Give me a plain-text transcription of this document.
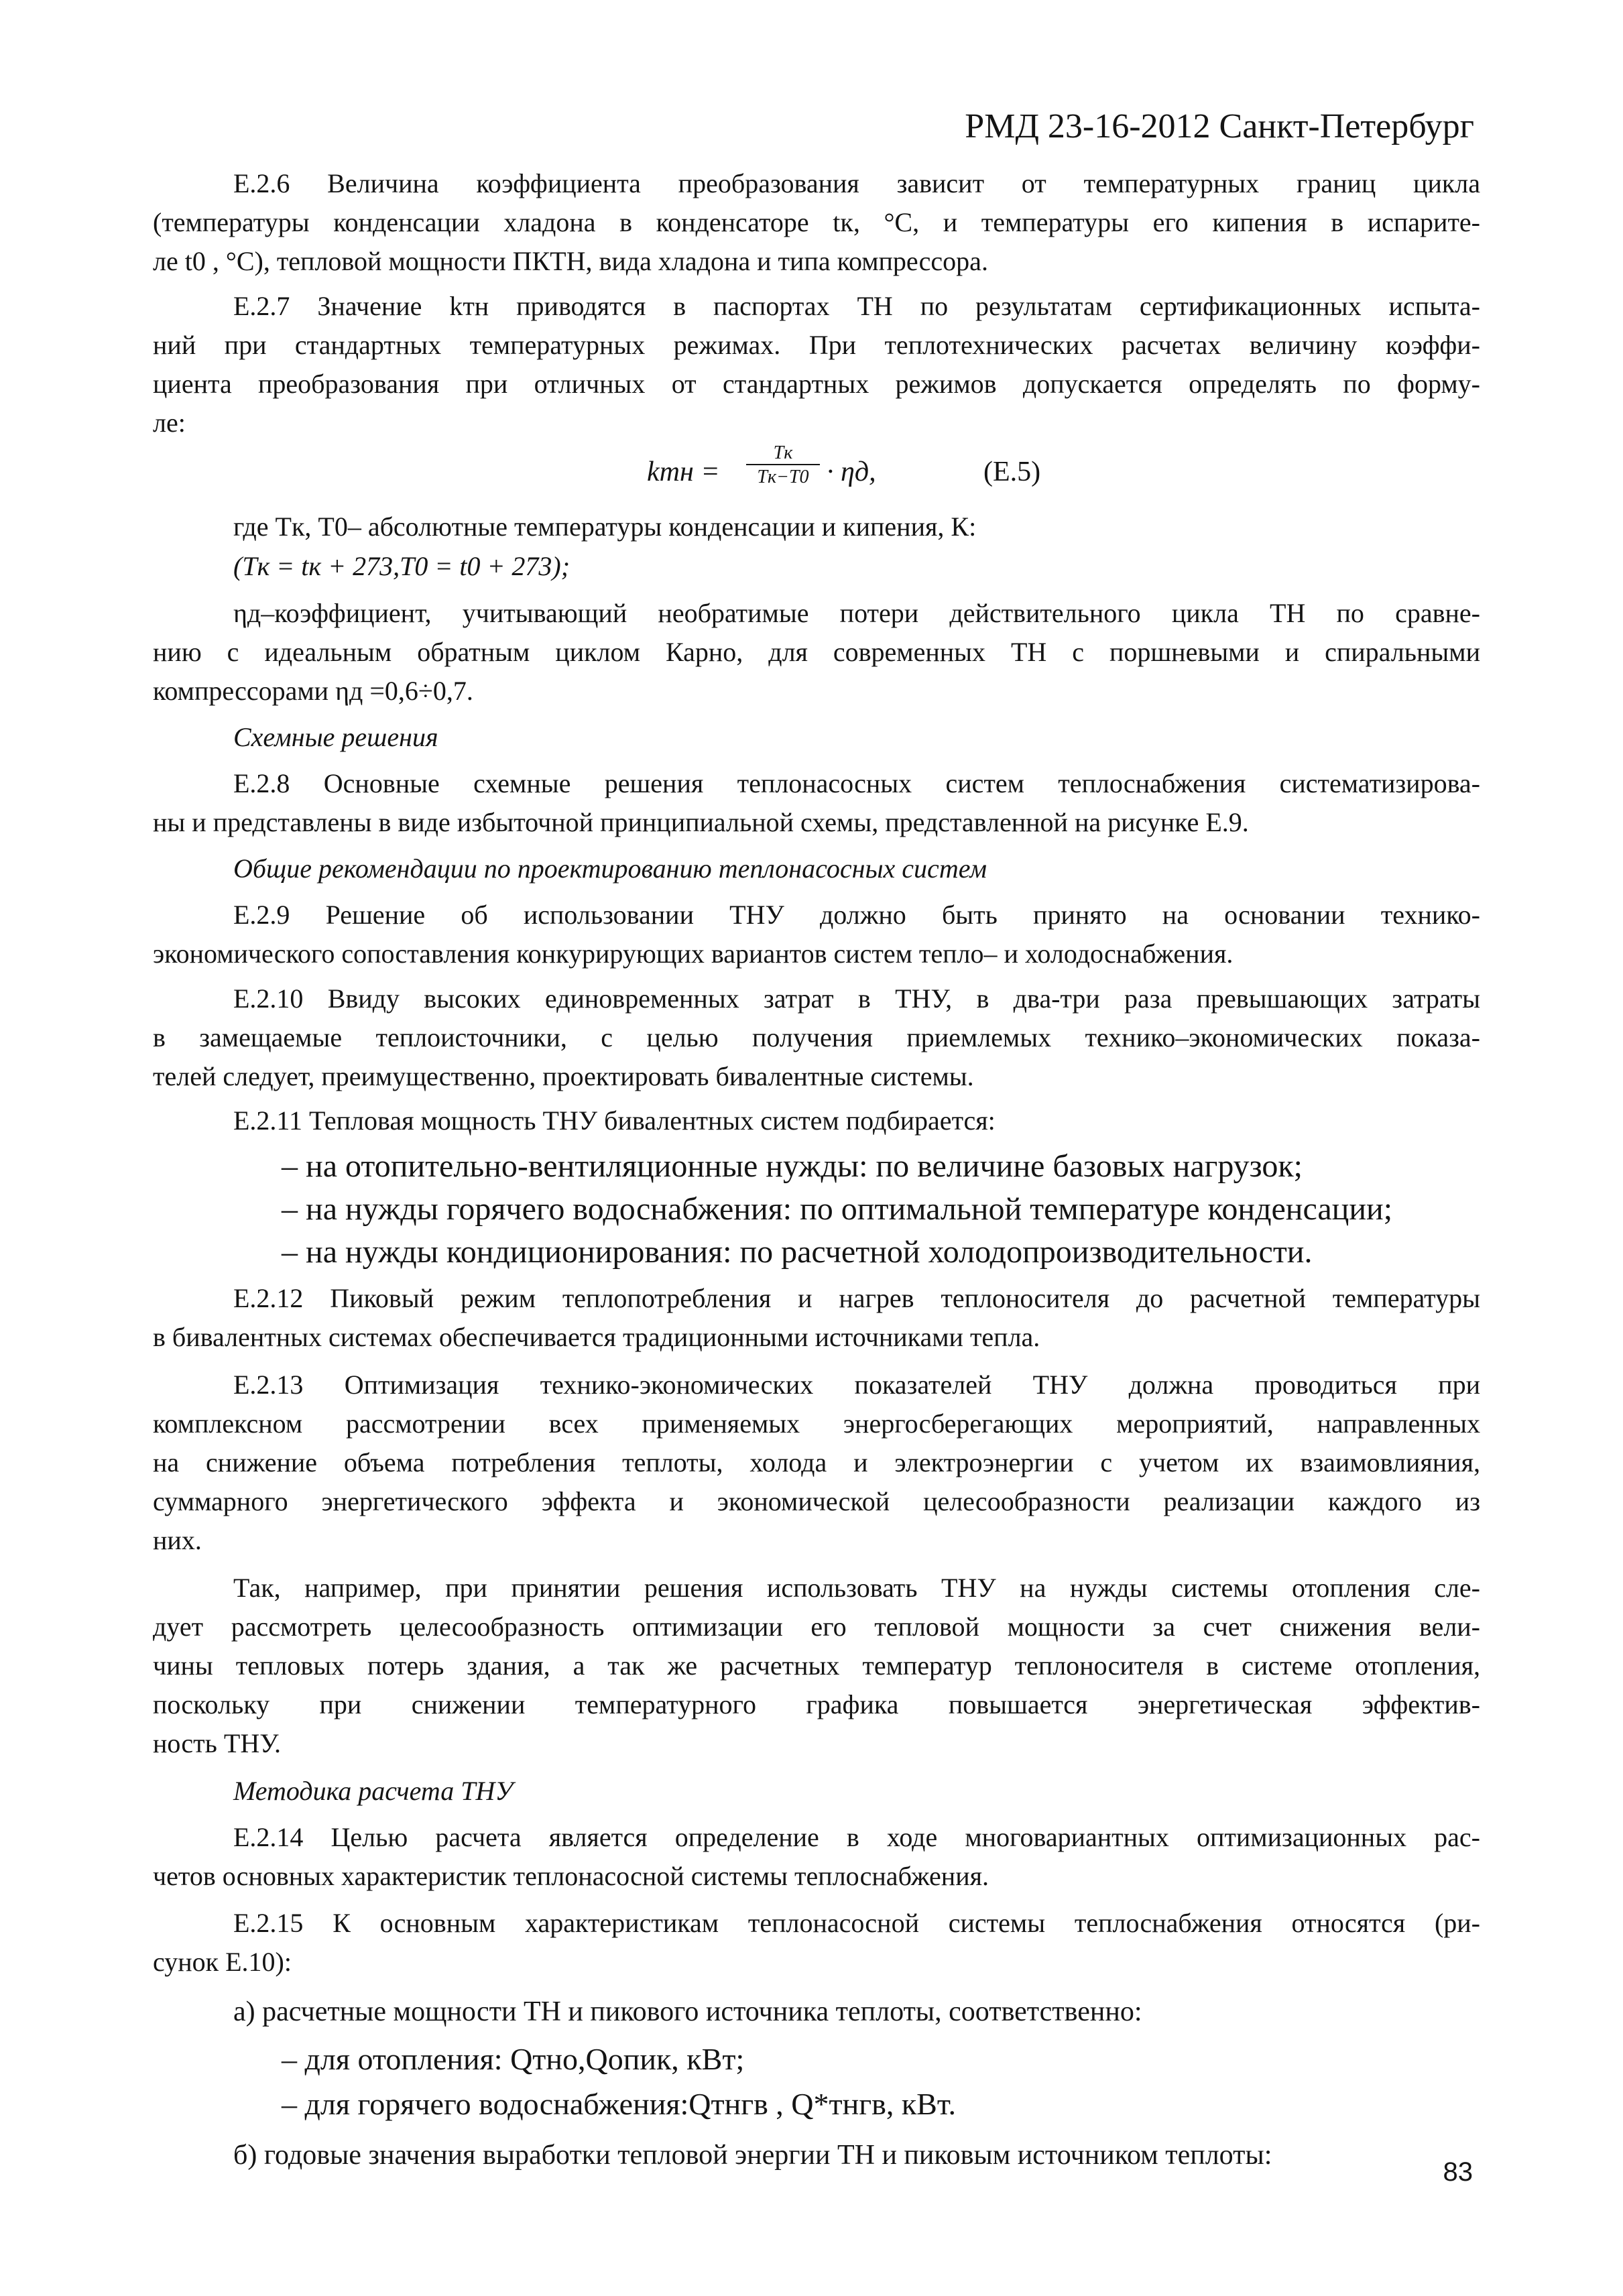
РМД 23-16-2012 Санкт-Петербург
Е.2.6 Величина коэффициента преобразования зависит от температурных границ цикла
(температуры конденсации хладона в конденсаторе tк, °С, и температуры его кипения в испарите-
ле t0 , °С), тепловой мощности ПКТН, вида хладона и типа компрессора.
Е.2.7 Значение kтн приводятся в паспортах ТН по результатам сертификационных испыта-
ний при стандартных температурных режимах. При теплотехнических расчетах величину коэффи-
циента преобразования при отличных от стандартных режимов допускается определять по форму-
ле:
kтн =
Tк
Tк−T0 · ηд,	(Е.5)
где Tк, T0– абсолютные температуры конденсации и кипения, К:
(Tк = tк + 273,T0 = t0 + 273);
ηд–коэффициент, учитывающий необратимые потери действительного цикла ТН по сравне-
нию с идеальным обратным циклом Карно, для современных ТН с поршневыми и спиральными
компрессорами ηд =0,6÷0,7.
Схемные решения
Е.2.8 Основные схемные решения теплонасосных систем теплоснабжения систематизирова-
ны и представлены в виде избыточной принципиальной схемы, представленной на рисунке Е.9.
Общие рекомендации по проектированию теплонасосных систем
Е.2.9 Решение об использовании ТНУ должно быть принято на основании технико-
экономического сопоставления конкурирующих вариантов систем тепло– и холодоснабжения.
Е.2.10 Ввиду высоких единовременных затрат в ТНУ, в два-три раза превышающих затраты
в замещаемые теплоисточники, с целью получения приемлемых технико–экономических показа-
телей следует, преимущественно, проектировать бивалентные системы.
Е.2.11 Тепловая мощность ТНУ бивалентных систем подбирается:
– на отопительно-вентиляционные нужды: по величине базовых нагрузок;
– на нужды горячего водоснабжения: по оптимальной температуре конденсации;
– на нужды кондиционирования: по расчетной холодопроизводительности.
Е.2.12 Пиковый режим теплопотребления и нагрев теплоносителя до расчетной температуры
в бивалентных системах обеспечивается традиционными источниками тепла.
Е.2.13 Оптимизация технико-экономических показателей ТНУ должна проводиться при
комплексном рассмотрении всех применяемых энергосберегающих мероприятий, направленных
на снижение объема потребления теплоты, холода и электроэнергии с учетом их взаимовлияния,
суммарного энергетического эффекта и экономической целесообразности реализации каждого из
них.
Так, например, при принятии решения использовать ТНУ на нужды системы отопления сле-
дует рассмотреть целесообразность оптимизации его тепловой мощности за счет снижения вели-
чины тепловых потерь здания, а так же расчетных температур теплоносителя в системе отопления,
поскольку при снижении температурного графика повышается энергетическая эффектив-
ность ТНУ.
Методика расчета ТНУ
Е.2.14 Целью расчета является определение в ходе многовариантных оптимизационных рас-
четов основных характеристик теплонасосной системы теплоснабжения.
Е.2.15 К основным характеристикам теплонасосной системы теплоснабжения относятся (ри-
сунок Е.10):
а) расчетные мощности ТН и пикового источника теплоты, соответственно:
– для отопления: Qтно,Qопик, кВт;
– для горячего водоснабжения:Qтнгв , Q*тнгв, кВт.
б) годовые значения выработки тепловой энергии ТН и пиковым источником теплоты:
83
